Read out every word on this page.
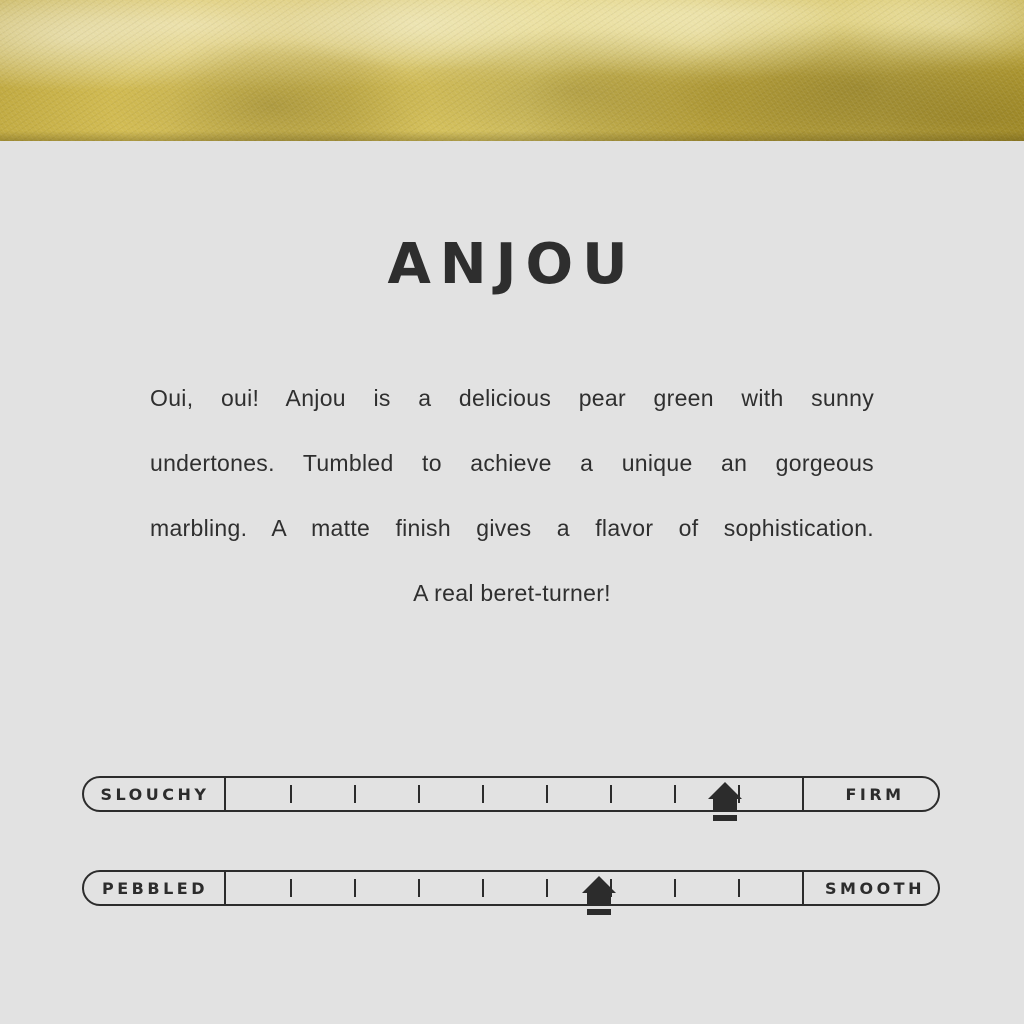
ANJOU

Oui, oui! Anjou is a delicious pear green with sunny

undertones. Tumbled to achieve a unique an gorgeous

marbling. A matte finish gives a flavor of sophistication.

A real beret-turner!

SLOUCHY	FIRM
PEBBLED	SMOOTH
